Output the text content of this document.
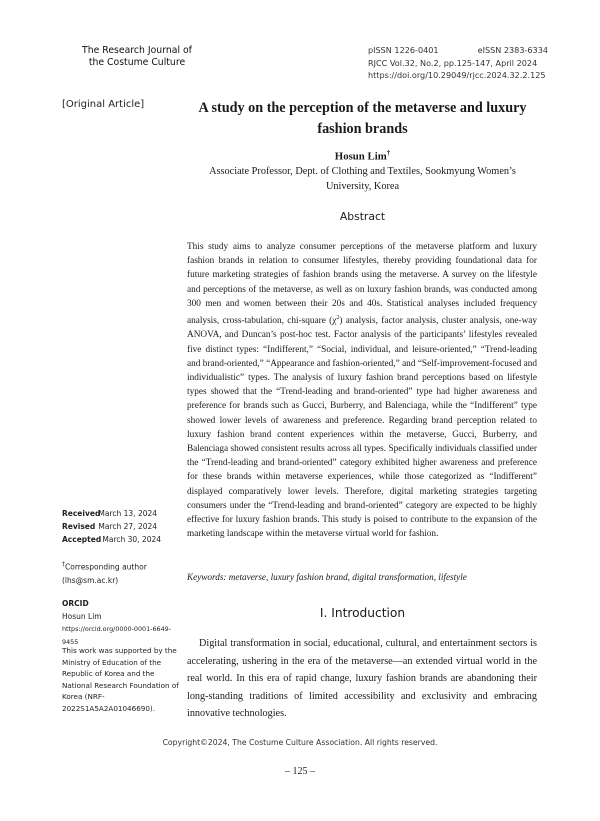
The Research Journal of
the Costume Culture
pISSN 1226-0401	eISSN 2383-6334
RJCC Vol.32, No.2, pp.125-147, April 2024
https://doi.org/10.29049/rjcc.2024.32.2.125
[Original Article]	A study on the perception of the metaverse and luxury fashion brands
Hosun Lim†
Associate Professor, Dept. of Clothing and Textiles, Sookmyung Women’s University, Korea
Abstract
This study aims to analyze consumer perceptions of the metaverse platform and luxury fashion brands in relation to consumer lifestyles, thereby providing foundational data for future marketing strategies of fashion brands using the metaverse. A survey on the lifestyle and perceptions of the metaverse, as well as on luxury fashion brands, was conducted among 300 men and women between their 20s and 40s. Statistical analyses included frequency analysis, cross-tabulation, chi-square $(\chi^2)$ analysis, factor analysis, cluster analysis, one-way ANOVA, and Duncan’s post-hoc test. Factor analysis of the participants’ lifestyles revealed five distinct types: “Indifferent,” “Social, individual, and leisure-oriented,” “Trend-leading and brand-oriented,” “Appearance and fashion-oriented,” and “Self-improvement-focused and individualistic” types. The analysis of luxury fashion brand perceptions based on lifestyle types showed that the “Trend-leading and brand-oriented” type had higher awareness and preference for brands such as Gucci, Burberry, and Balenciaga, while the “Indifferent” type showed lower levels of awareness and preference. Regarding brand perception related to luxury fashion brand content experiences within the metaverse, Gucci, Burberry, and Balenciaga showed consistent results across all types. Specifically individuals classified under the “Trend-leading and brand-oriented” category exhibited higher awareness and preference for these brands within metaverse experiences, while those categorized as “Indifferent” displayed comparatively lower levels. Therefore, digital marketing strategies targeting consumers under the “Trend-leading and brand-oriented” category are expected to be highly effective for luxury fashion brands. This study is poised to contribute to the expansion of the marketing landscape within the metaverse virtual world for fashion.
Keywords: metaverse, luxury fashion brand, digital transformation, lifestyle
Ⅰ. Introduction
Digital transformation in social, educational, cultural, and entertainment sectors is accelerating, ushering in the era of the metaverse—an extended virtual world in the real world. In this era of rapid change, luxury fashion brands are abandoning their long-standing traditions of limited accessibility and exclusivity and embracing innovative technologies.
Received March 13, 2024
Revised March 27, 2024
Accepted March 30, 2024
†Corresponding author
(lhs@sm.ac.kr)
ORCID
Hosun Lim
https://orcid.org/0000-0001-6649-9455
This work was supported by the Ministry of Education of the Republic of Korea and the National Research Foundation of Korea (NRF-2022S1A5A2A01046690).
Copyright©2024, The Costume Culture Association. All rights reserved.
– 125 –
